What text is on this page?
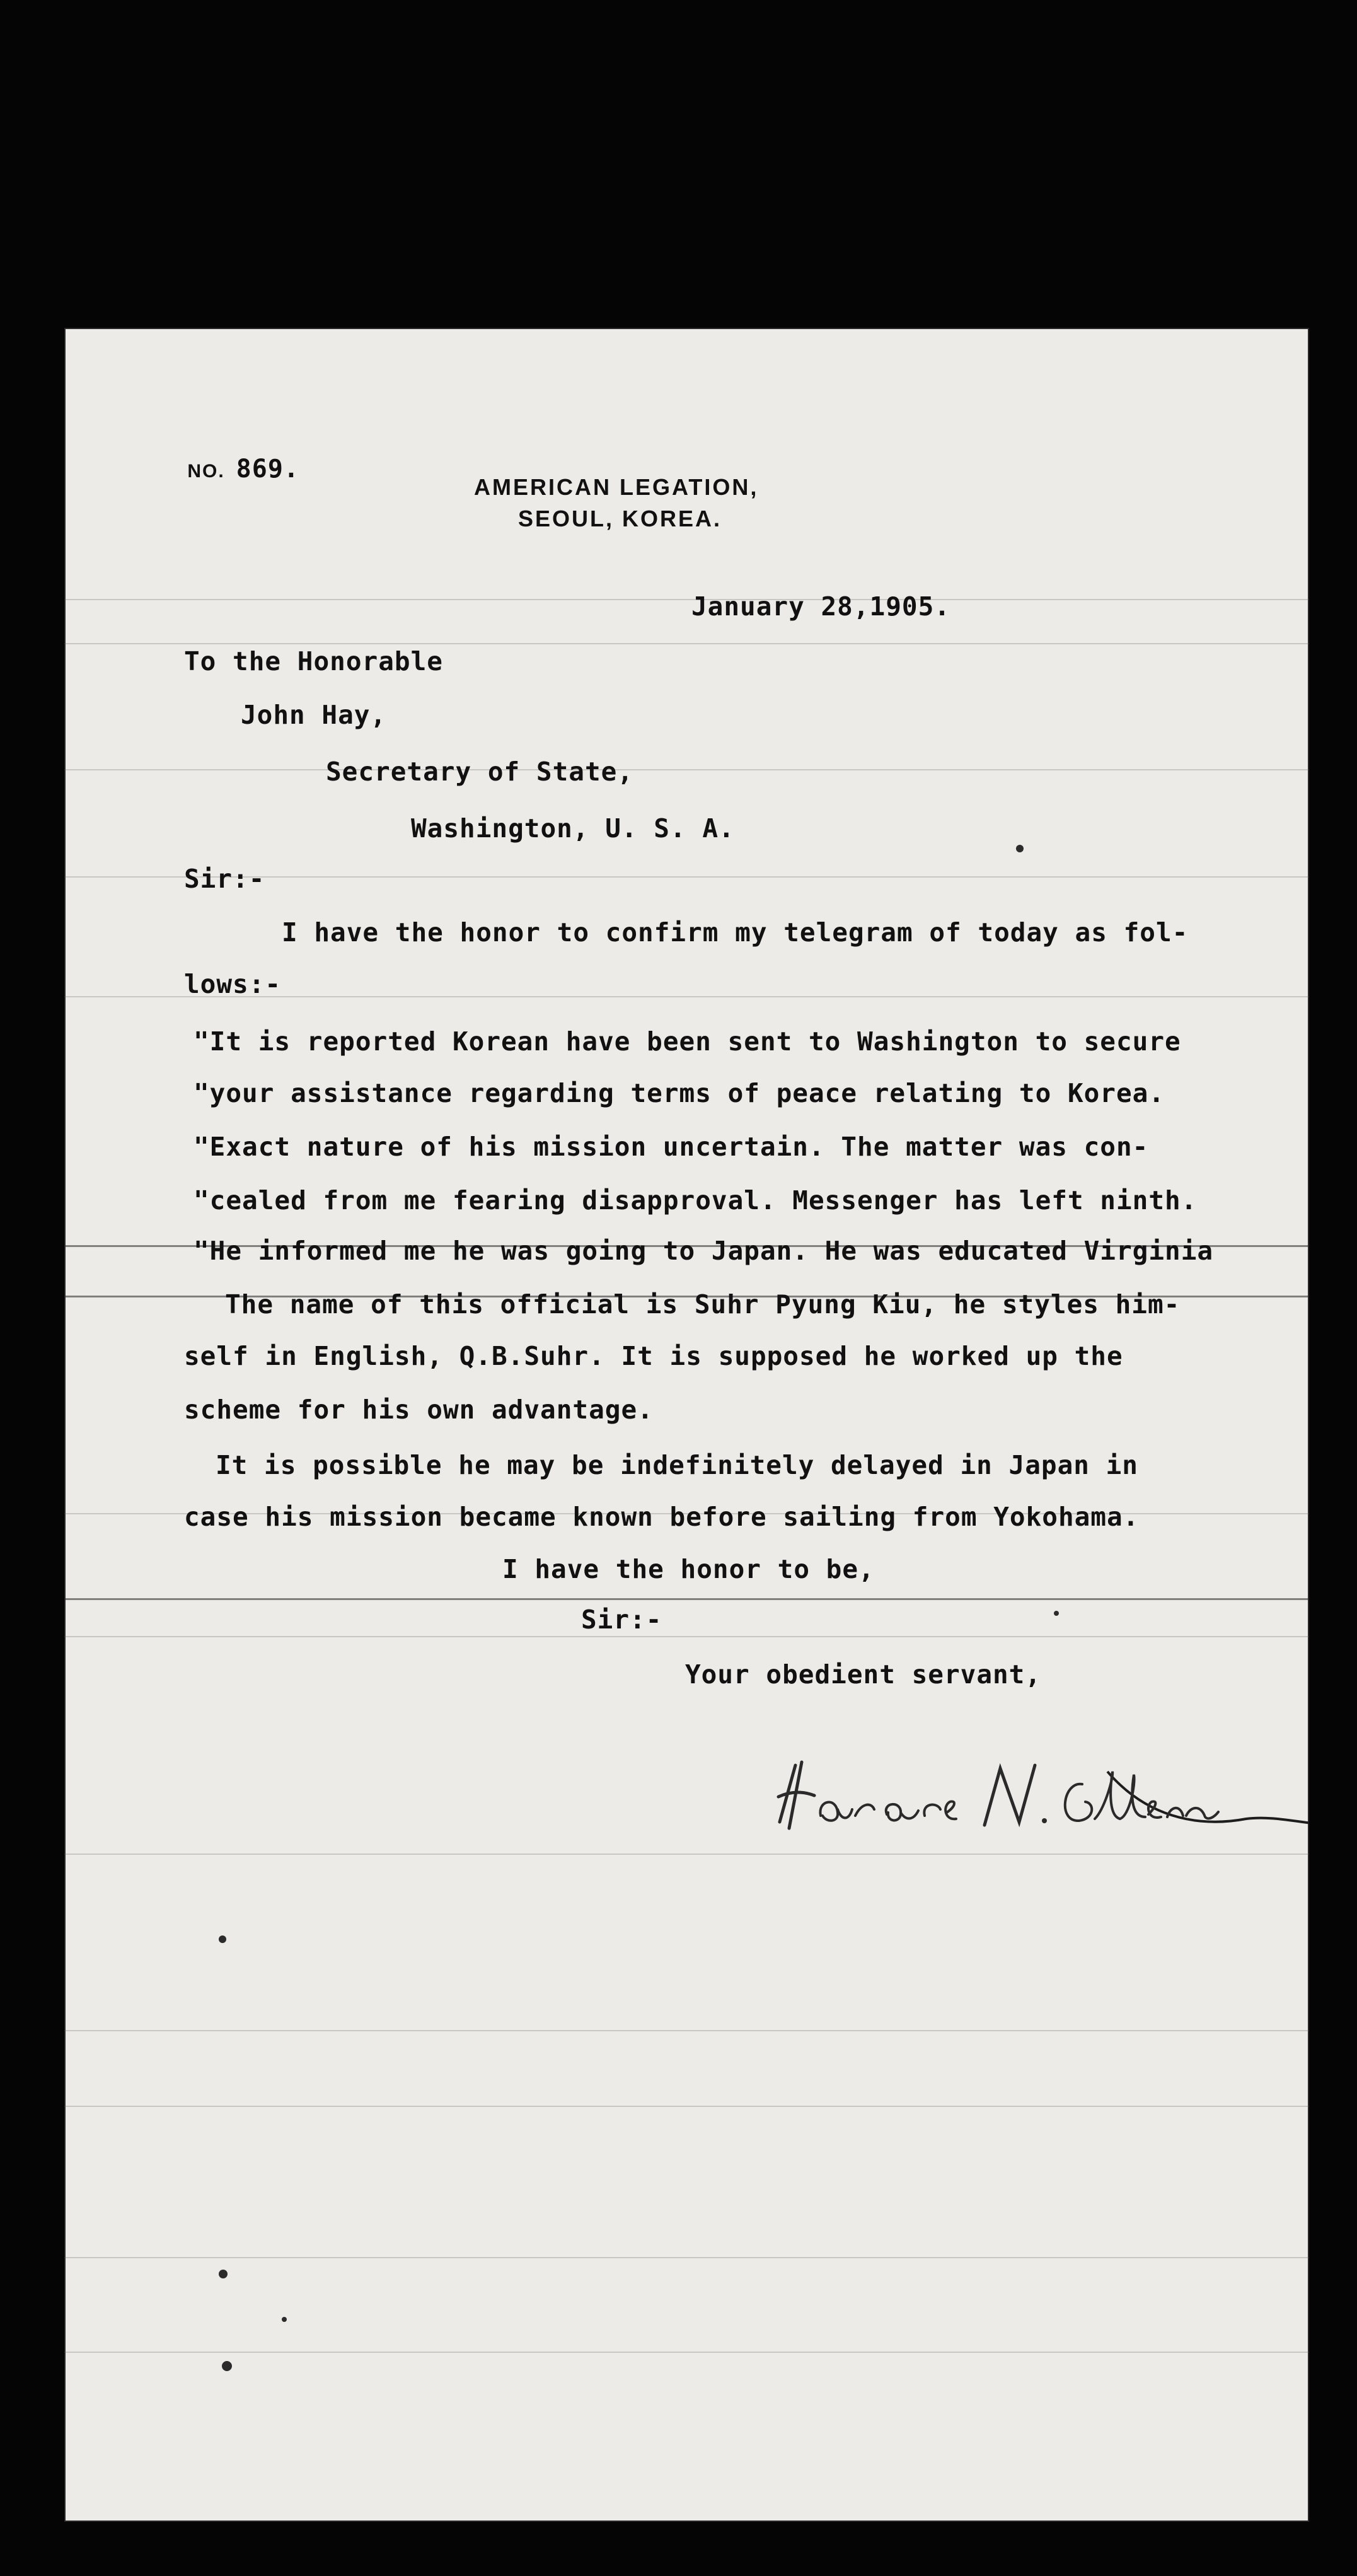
NO. 869.

AMERICAN LEGATION,
SEOUL, KOREA.
January 28,1905.
To the Honorable
John Hay,
Secretary of State,
Washington, U. S. A.
Sir:-
I have the honor to confirm my telegram of today as fol-
lows:-
"It is reported Korean have been sent to Washington to secure
"your assistance regarding terms of peace relating to Korea.
"Exact nature of his mission uncertain. The matter was con-
"cealed from me fearing disapproval. Messenger has left ninth.
"He informed me he was going to Japan. He was educated Virginia
The name of this official is Suhr Pyung Kiu, he styles him-
self in English, Q.B.Suhr. It is supposed he worked up the
scheme for his own advantage.
It is possible he may be indefinitely delayed in Japan in
case his mission became known before sailing from Yokohama.
I have the honor to be,
Sir:-
Your obedient servant,
